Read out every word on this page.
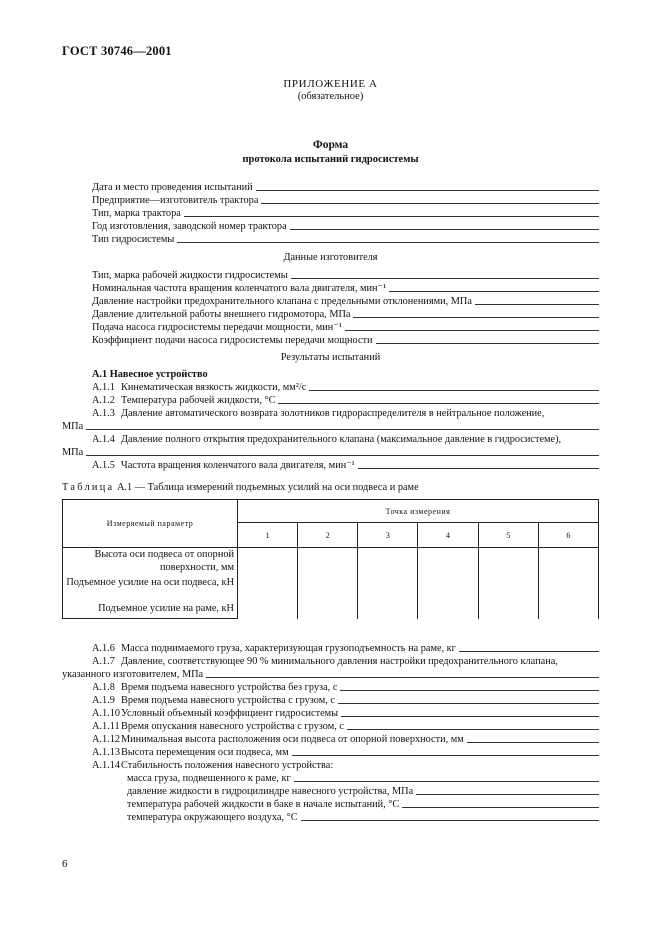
ГОСТ 30746—2001
ПРИЛОЖЕНИЕ А
(обязательное)
Форма
протокола испытаний гидросистемы
Дата и место проведения испытаний
Предприятие—изготовитель трактора
Тип, марка трактора
Год изготовления, заводской номер трактора
Тип гидросистемы
Данные изготовителя
Тип, марка рабочей жидкости гидросистемы
Номинальная частота вращения коленчатого вала двигателя, мин⁻¹
Давление настройки предохранительного клапана с предельными отклонениями, МПа
Давление длительной работы внешнего гидромотора, МПа
Подача насоса гидросистемы передачи мощности, мин⁻¹
Коэффициент подачи насоса гидросистемы передачи мощности
Результаты испытаний
А.1 Навесное устройство
А.1.1 Кинематическая вязкость жидкости, мм²/с
А.1.2 Температура рабочей жидкости, °С
А.1.3 Давление автоматического возврата золотников гидрораспределителя в нейтральное положение,
МПа
А.1.4 Давление полного открытия предохранительного клапана (максимальное давление в гидросистеме),
МПа
А.1.5 Частота вращения коленчатого вала двигателя, мин⁻¹
Таблица А.1 — Таблица измерений подъемных усилий на оси подвеса и раме
Измеряемый параметр	Точка измерения					
	1	2	3	4	5	6
Высота оси подвеса от опорной поверхности, мм						
Подъемное усилие на оси подвеса, кН						
Подъемное усилие на раме, кН						
А.1.6 Масса поднимаемого груза, характеризующая грузоподъемность на раме, кг
А.1.7 Давление, соответствующее 90 % минимального давления настройки предохранительного клапана,
указанного изготовителем, МПа
А.1.8 Время подъема навесного устройства без груза, с
А.1.9 Время подъема навесного устройства с грузом, с
А.1.10 Условный объемный коэффициент гидросистемы
А.1.11 Время опускания навесного устройства с грузом, с
А.1.12 Минимальная высота расположения оси подвеса от опорной поверхности, мм
А.1.13 Высота перемещения оси подвеса, мм
А.1.14 Стабильность положения навесного устройства:
масса груза, подвешенного к раме, кг
давление жидкости в гидроцилиндре навесного устройства, МПа
температура рабочей жидкости в баке в начале испытаний, °С
температура окружающего воздуха, °С
6
